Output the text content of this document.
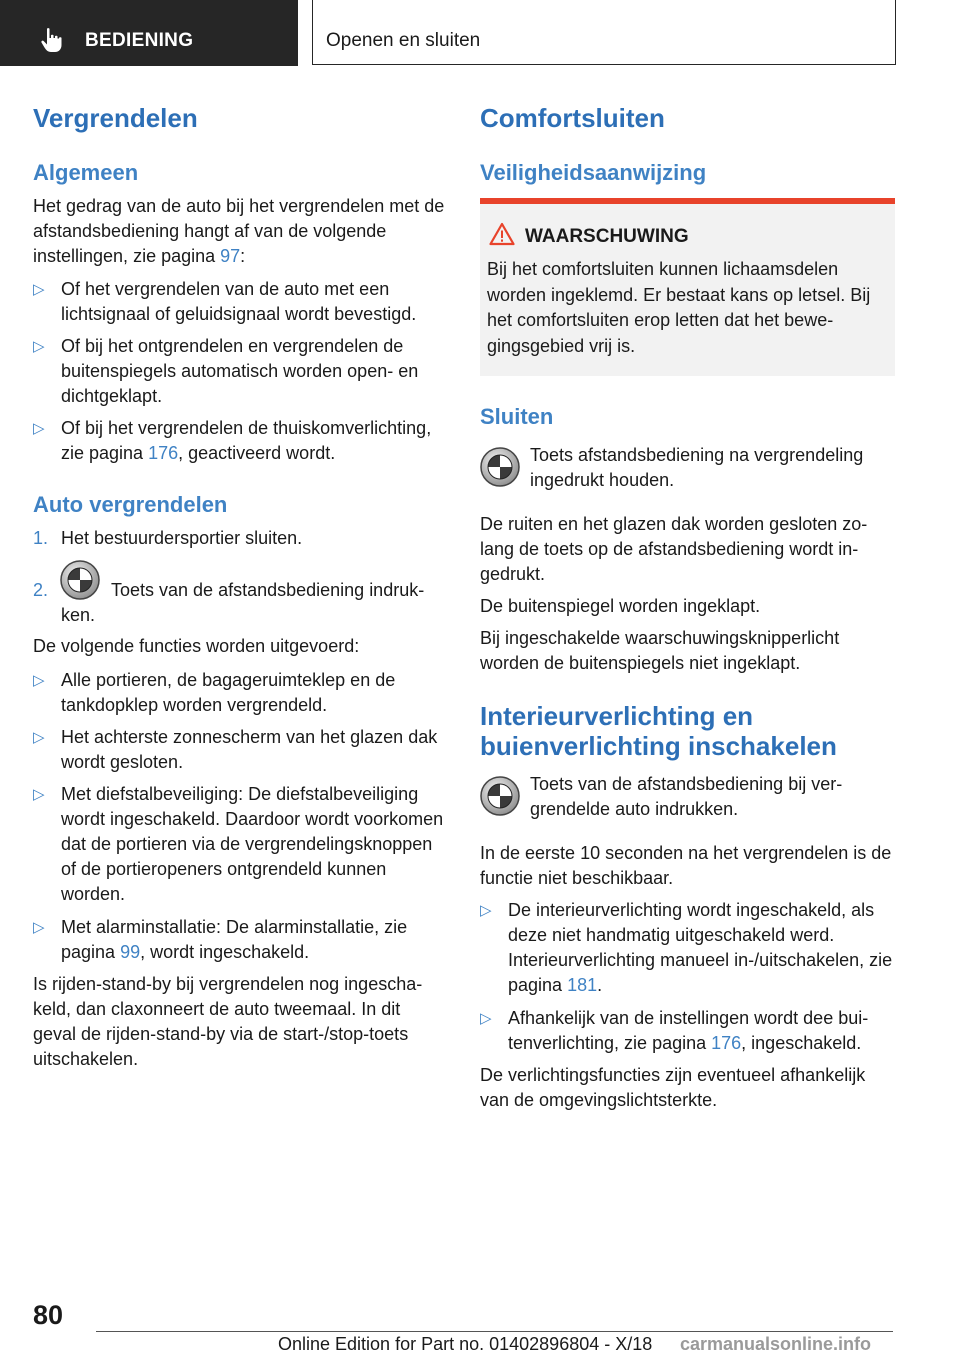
BEDIENING	Openen en sluiten
Vergrendelen
Algemeen

Het gedrag van de auto bij het vergrendelen met de afstandsbediening hangt af van de volgende instellingen, zie pagina 97:

▷ Of het vergrendelen van de auto met een lichtsignaal of geluidsignaal wordt bevestigd.
▷ Of bij het ontgrendelen en vergrendelen de buitenspiegels automatisch worden open- en dichtgeklapt.
▷ Of bij het vergrendelen de thuiskomverlichting, zie pagina 176, geactiveerd wordt.
Auto vergrendelen
1. Het bestuurdersportier sluiten.
2.	Toets van de afstandsbediening indrukken.

De volgende functies worden uitgevoerd:

▷ Alle portieren, de bagageruimteklep en de tankdopklep worden vergrendeld.
▷ Het achterste zonnescherm van het glazen dak wordt gesloten.
▷ Met diefstalbeveiliging: De diefstalbeveiliging wordt ingeschakeld. Daardoor wordt voorkomen dat de portieren via de vergrendelingsknoppen of de portieropeners ontgrendeld kunnen worden.
▷ Met alarminstallatie: De alarminstallatie, zie pagina 99, wordt ingeschakeld.

Is rijden-stand-by bij vergrendelen nog ingeschakeld, dan claxonneert de auto tweemaal. In dit geval de rijden-stand-by via de start-/stop-toets uitschakelen.

Comfortsluiten
Veiligheidsaanwijzing
WAARSCHUWING
Bij het comfortsluiten kunnen lichaamsdelen worden ingeklemd. Er bestaat kans op letsel. Bij het comfortsluiten erop letten dat het bewegingsgebied vrij is.
Sluiten

Toets afstandsbediening na vergrendeling ingedrukt houden.

De ruiten en het glazen dak worden gesloten zolang de toets op de afstandsbediening wordt ingedrukt.

De buitenspiegel worden ingeklapt.

Bij ingeschakelde waarschuwingsknipperlicht worden de buitenspiegels niet ingeklapt.

Interieurverlichting en buienverlichting inschakelen

Toets van de afstandsbediening bij vergrendelde auto indrukken.

In de eerste 10 seconden na het vergrendelen is de functie niet beschikbaar.

▷ De interieurverlichting wordt ingeschakeld, als deze niet handmatig uitgeschakeld werd. Interieurverlichting manueel in-/uitschakelen, zie pagina 181.
▷ Afhankelijk van de instellingen wordt dee buitenverlichting, zie pagina 176, ingeschakeld.

De verlichtingsfuncties zijn eventueel afhankelijk van de omgevingslichtsterkte.

80
Online Edition for Part no. 01402896804 - X/18 carmanualsonline.info
